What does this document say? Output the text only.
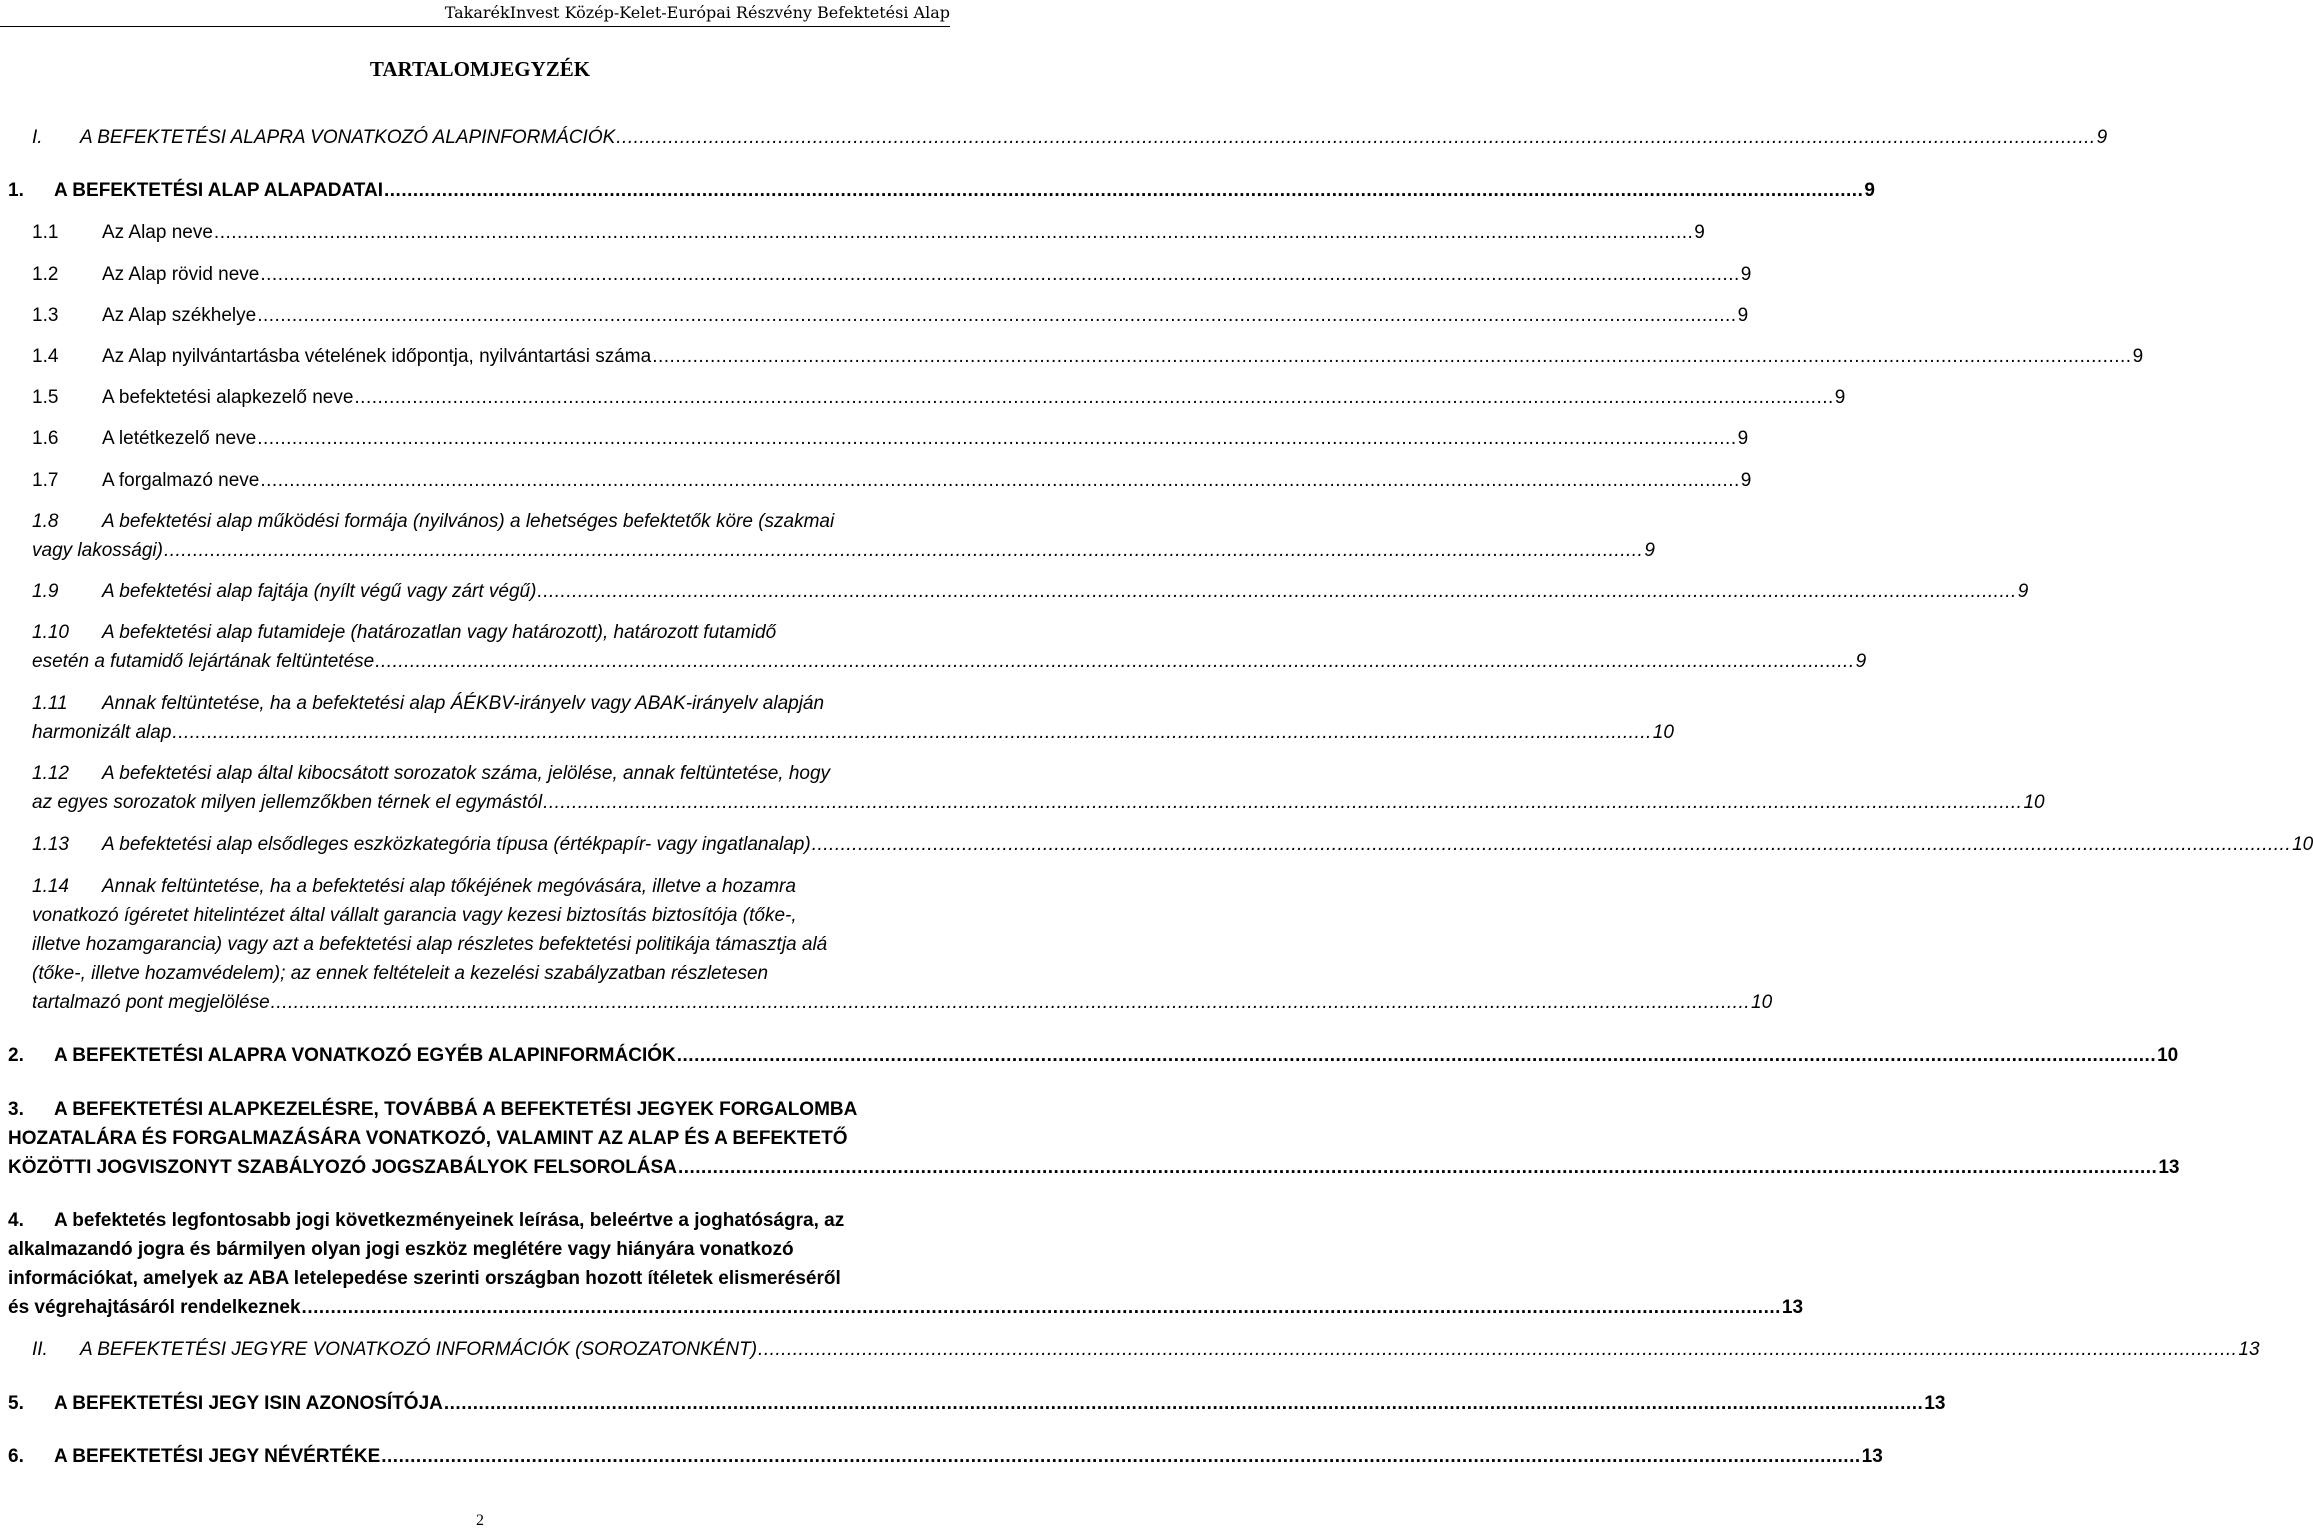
TakarékInvest Közép-Kelet-Európai Részvény Befektetési Alap
TARTALOMJEGYZÉK
I. A BEFEKTETÉSI ALAPRA VONATKOZÓ ALAPINFORMÁCIÓK .....	9
1. A BEFEKTETÉSI ALAP ALAPADATAI .....	9
1.1 Az Alap neve .....	9
1.2 Az Alap rövid neve .....	9
1.3 Az Alap székhelye .....	9
1.4 Az Alap nyilvántartásba vételének időpontja, nyilvántartási száma .....	9
1.5 A befektetési alapkezelő neve .....	9
1.6 A letétkezelő neve .....	9
1.7 A forgalmazó neve .....	9
1.8 A befektetési alap működési formája (nyilvános) a lehetséges befektetők köre (szakmai
vagy lakossági) .....	9
1.9 A befektetési alap fajtája (nyílt végű vagy zárt végű) .....	9
1.10 A befektetési alap futamideje (határozatlan vagy határozott), határozott futamidő
esetén a futamidő lejártának feltüntetése .....	9
1.11 Annak feltüntetése, ha a befektetési alap ÁÉKBV-irányelv vagy ABAK-irányelv alapján
harmonizált alap .....	10
1.12 A befektetési alap által kibocsátott sorozatok száma, jelölése, annak feltüntetése, hogy
az egyes sorozatok milyen jellemzőkben térnek el egymástól .....	10
1.13 A befektetési alap elsődleges eszközkategória típusa (értékpapír- vagy ingatlanalap) .....	10
1.14 Annak feltüntetése, ha a befektetési alap tőkéjének megóvására, illetve a hozamra
vonatkozó ígéretet hitelintézet által vállalt garancia vagy kezesi biztosítás biztosítója (tőke-,
illetve hozamgarancia) vagy azt a befektetési alap részletes befektetési politikája támasztja alá
(tőke-, illetve hozamvédelem); az ennek feltételeit a kezelési szabályzatban részletesen
tartalmazó pont megjelölése .....	10
2. A BEFEKTETÉSI ALAPRA VONATKOZÓ EGYÉB ALAPINFORMÁCIÓK .....	10
3. A BEFEKTETÉSI ALAPKEZELÉSRE, TOVÁBBÁ A BEFEKTETÉSI JEGYEK FORGALOMBA
HOZATALÁRA ÉS FORGALMAZÁSÁRA VONATKOZÓ, VALAMINT AZ ALAP ÉS A BEFEKTETŐ
KÖZÖTTI JOGVISZONYT SZABÁLYOZÓ JOGSZABÁLYOK FELSOROLÁSA .....	13
4. A befektetés legfontosabb jogi következményeinek leírása, beleértve a joghatóságra, az
alkalmazandó jogra és bármilyen olyan jogi eszköz meglétére vagy hiányára vonatkozó
információkat, amelyek az ABA letelepedése szerinti országban hozott ítéletek elismeréséről
és végrehajtásáról rendelkeznek .....	13
II. A BEFEKTETÉSI JEGYRE VONATKOZÓ INFORMÁCIÓK (SOROZATONKÉNT) .....	13
5. A BEFEKTETÉSI JEGY ISIN AZONOSÍTÓJA .....	13
6. A BEFEKTETÉSI JEGY NÉVÉRTÉKE .....	13
2
